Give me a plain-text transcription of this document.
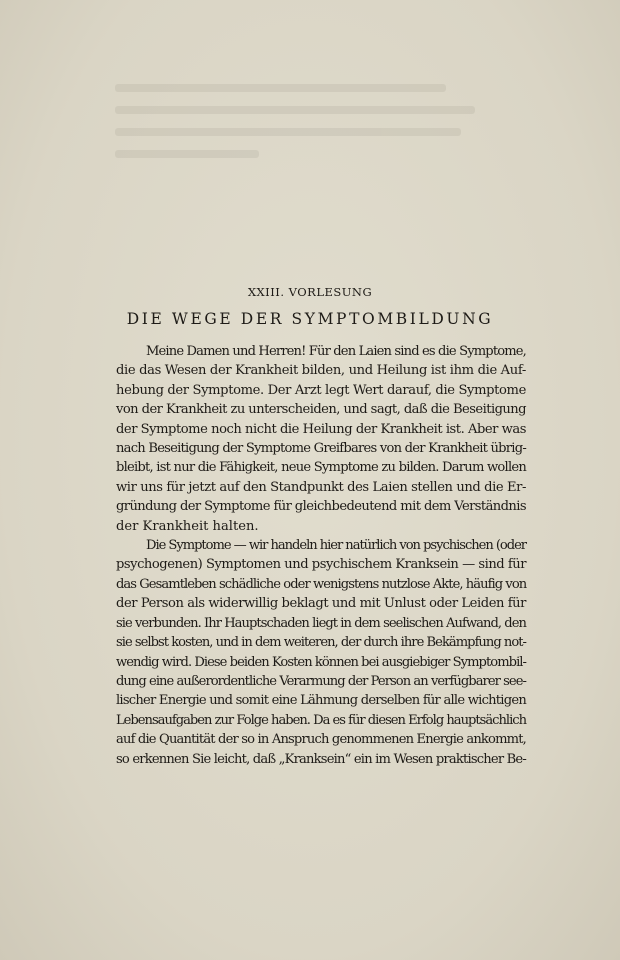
XXIII. VORLESUNG
DIE WEGE DER SYMPTOMBILDUNG
Meine Damen und Herren! Für den Laien sind es die Symptome,
die das Wesen der Krankheit bilden, und Heilung ist ihm die Auf-
hebung der Symptome. Der Arzt legt Wert darauf, die Symptome
von der Krankheit zu unterscheiden, und sagt, daß die Beseitigung
der Symptome noch nicht die Heilung der Krankheit ist. Aber was
nach Beseitigung der Symptome Greifbares von der Krankheit übrig-
bleibt, ist nur die Fähigkeit, neue Symptome zu bilden. Darum wollen
wir uns für jetzt auf den Standpunkt des Laien stellen und die Er-
gründung der Symptome für gleichbedeutend mit dem Verständnis
der Krankheit halten.
Die Symptome — wir handeln hier natürlich von psychischen (oder
psychogenen) Symptomen und psychischem Kranksein — sind für
das Gesamtleben schädliche oder wenigstens nutzlose Akte, häufig von
der Person als widerwillig beklagt und mit Unlust oder Leiden für
sie verbunden. Ihr Hauptschaden liegt in dem seelischen Aufwand, den
sie selbst kosten, und in dem weiteren, der durch ihre Bekämpfung not-
wendig wird. Diese beiden Kosten können bei ausgiebiger Symptombil-
dung eine außerordentliche Verarmung der Person an verfügbarer see-
lischer Energie und somit eine Lähmung derselben für alle wichtigen
Lebensaufgaben zur Folge haben. Da es für diesen Erfolg hauptsächlich
auf die Quantität der so in Anspruch genommenen Energie ankommt,
so erkennen Sie leicht, daß „Kranksein“ ein im Wesen praktischer Be-
